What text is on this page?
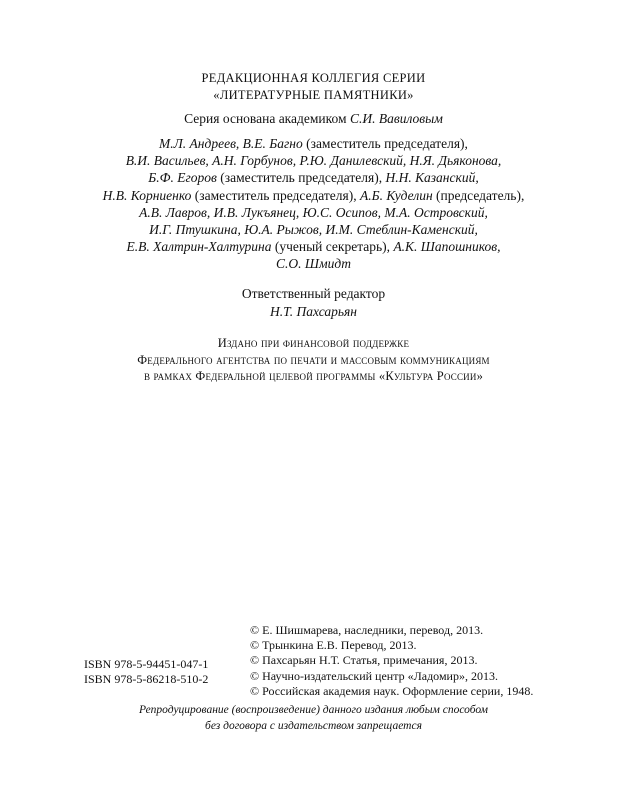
РЕДАКЦИОННАЯ КОЛЛЕГИЯ СЕРИИ
«ЛИТЕРАТУРНЫЕ ПАМЯТНИКИ»
Серия основана академиком С.И. Вавиловым
М.Л. Андреев, В.Е. Багно (заместитель председателя),
В.И. Васильев, А.Н. Горбунов, Р.Ю. Данилевский, Н.Я. Дьяконова,
Б.Ф. Егоров (заместитель председателя), Н.Н. Казанский,
Н.В. Корниенко (заместитель председателя), А.Б. Куделин (председатель),
А.В. Лавров, И.В. Лукъянец, Ю.С. Осипов, М.А. Островский,
И.Г. Птушкина, Ю.А. Рыжов, И.М. Стеблин-Каменский,
Е.В. Халтрин-Халтурина (ученый секретарь), А.К. Шапошников,
С.О. Шмидт
Ответственный редактор
Н.Т. Пахсарьян
Издано при финансовой поддержке
Федерального агентства по печати и массовым коммуникациям
в рамках Федеральной целевой программы «Культура России»
ISBN 978-5-94451-047-1
ISBN 978-5-86218-510-2
© Е. Шишмарева, наследники, перевод, 2013.
© Трынкина Е.В. Перевод, 2013.
© Пахсарьян Н.Т. Статья, примечания, 2013.
© Научно-издательский центр «Ладомир», 2013.
© Российская академия наук. Оформление серии, 1948.
Репродуцирование (воспроизведение) данного издания любым способом
без договора с издательством запрещается
